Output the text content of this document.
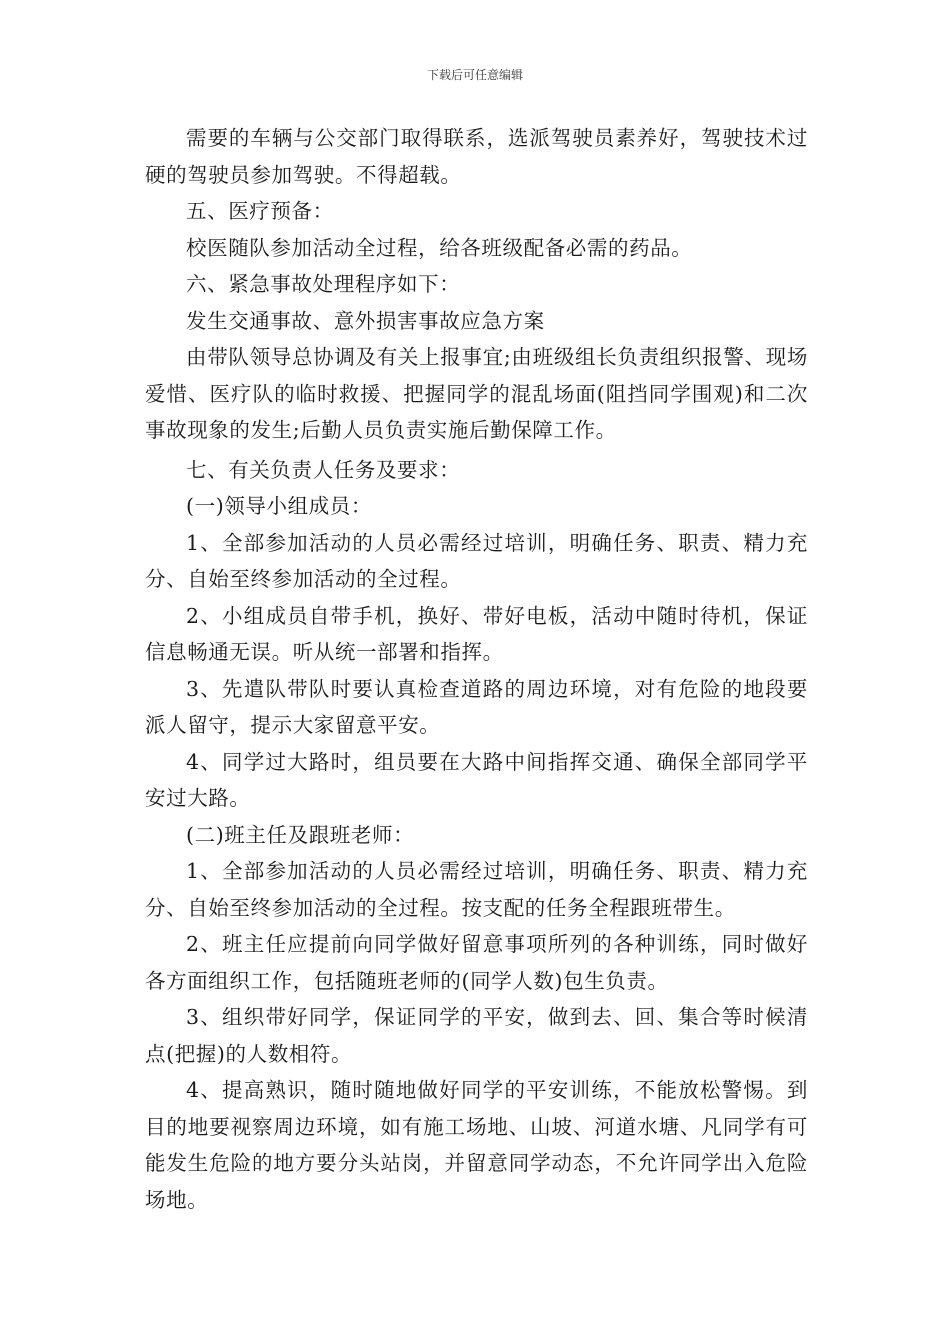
下载后可任意编辑

需要的车辆与公交部门取得联系，选派驾驶员素养好，驾驶技术过硬的驾驶员参加驾驶。不得超载。

五、医疗预备：

校医随队参加活动全过程，给各班级配备必需的药品。

六、紧急事故处理程序如下：

发生交通事故、意外损害事故应急方案

由带队领导总协调及有关上报事宜;由班级组长负责组织报警、现场爱惜、医疗队的临时救援、把握同学的混乱场面(阻挡同学围观)和二次事故现象的发生;后勤人员负责实施后勤保障工作。

七、有关负责人任务及要求：

(一)领导小组成员：

1、全部参加活动的人员必需经过培训，明确任务、职责、精力充分、自始至终参加活动的全过程。

2、小组成员自带手机，换好、带好电板，活动中随时待机，保证信息畅通无误。听从统一部署和指挥。

3、先遣队带队时要认真检查道路的周边环境，对有危险的地段要派人留守，提示大家留意平安。

4、同学过大路时，组员要在大路中间指挥交通、确保全部同学平安过大路。

(二)班主任及跟班老师：

1、全部参加活动的人员必需经过培训，明确任务、职责、精力充分、自始至终参加活动的全过程。按支配的任务全程跟班带生。

2、班主任应提前向同学做好留意事项所列的各种训练，同时做好各方面组织工作，包括随班老师的(同学人数)包生负责。

3、组织带好同学，保证同学的平安，做到去、回、集合等时候清点(把握)的人数相符。

4、提高熟识，随时随地做好同学的平安训练，不能放松警惕。到目的地要视察周边环境，如有施工场地、山坡、河道水塘、凡同学有可能发生危险的地方要分头站岗，并留意同学动态，不允许同学出入危险场地。
